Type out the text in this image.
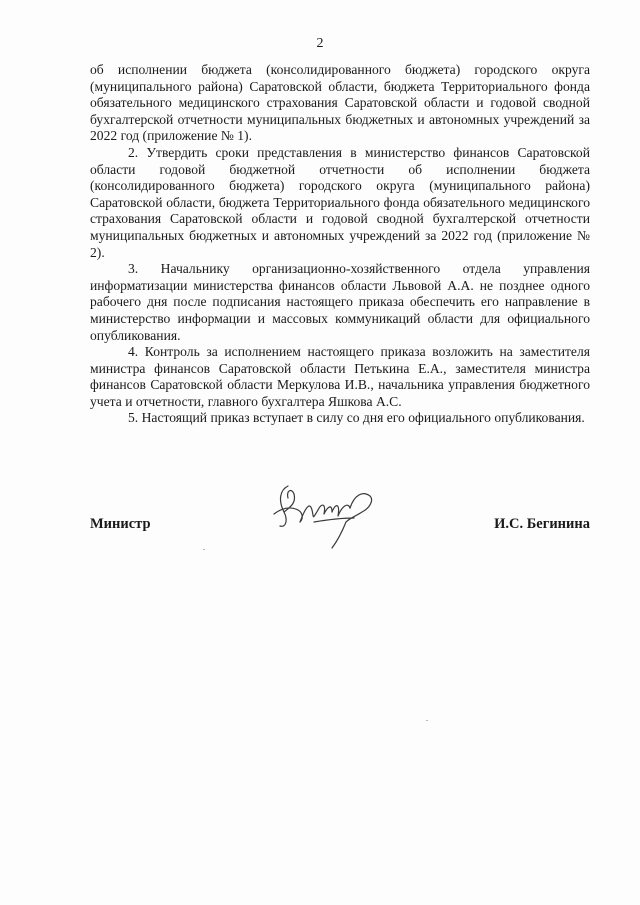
2

об исполнении бюджета (консолидированного бюджета) городского округа (муниципального района) Саратовской области, бюджета Территориального фонда обязательного медицинского страхования Саратовской области и годовой сводной бухгалтерской отчетности муниципальных бюджетных и автономных учреждений за 2022 год (приложение № 1).

2. Утвердить сроки представления в министерство финансов Саратовской области годовой бюджетной отчетности об исполнении бюджета (консолидированного бюджета) городского округа (муниципального района) Саратовской области, бюджета Территориального фонда обязательного медицинского страхования Саратовской области и годовой сводной бухгалтерской отчетности муниципальных бюджетных и автономных учреждений за 2022 год (приложение № 2).

3. Начальнику организационно-хозяйственного отдела управления информатизации министерства финансов области Львовой А.А. не позднее одного рабочего дня после подписания настоящего приказа обеспечить его направление в министерство информации и массовых коммуникаций области для официального опубликования.

4. Контроль за исполнением настоящего приказа возложить на заместителя министра финансов Саратовской области Петькина Е.А., заместителя министра финансов Саратовской области Меркулова И.В., начальника управления бюджетного учета и отчетности, главного бухгалтера Яшкова А.С.

5. Настоящий приказ вступает в силу со дня его официального опубликования.

Министр	И.С. Бегинина
